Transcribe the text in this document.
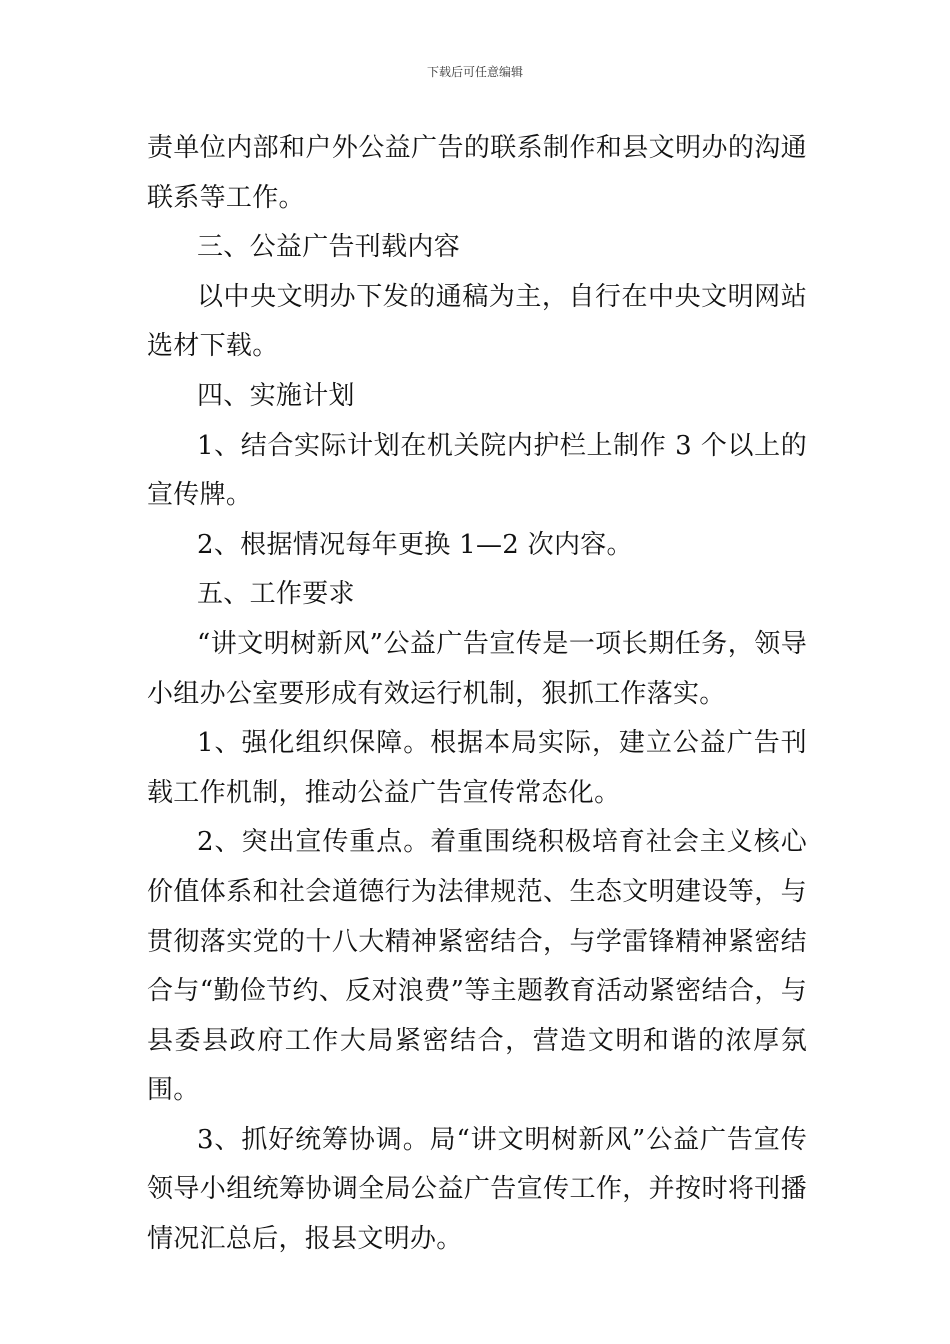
下载后可任意编辑

责单位内部和户外公益广告的联系制作和县文明办的沟通联系等工作。

三、公益广告刊载内容

以中央文明办下发的通稿为主，自行在中央文明网站选材下载。

四、实施计划

1、结合实际计划在机关院内护栏上制作 3 个以上的宣传牌。

2、根据情况每年更换 1—2 次内容。

五、工作要求

“讲文明树新风”公益广告宣传是一项长期任务，领导小组办公室要形成有效运行机制，狠抓工作落实。

1、强化组织保障。根据本局实际，建立公益广告刊载工作机制，推动公益广告宣传常态化。

2、突出宣传重点。着重围绕积极培育社会主义核心价值体系和社会道德行为法律规范、生态文明建设等，与贯彻落实党的十八大精神紧密结合，与学雷锋精神紧密结合与“勤俭节约、反对浪费”等主题教育活动紧密结合，与县委县政府工作大局紧密结合，营造文明和谐的浓厚氛围。

3、抓好统筹协调。局“讲文明树新风”公益广告宣传领导小组统筹协调全局公益广告宣传工作，并按时将刊播情况汇总后，报县文明办。
